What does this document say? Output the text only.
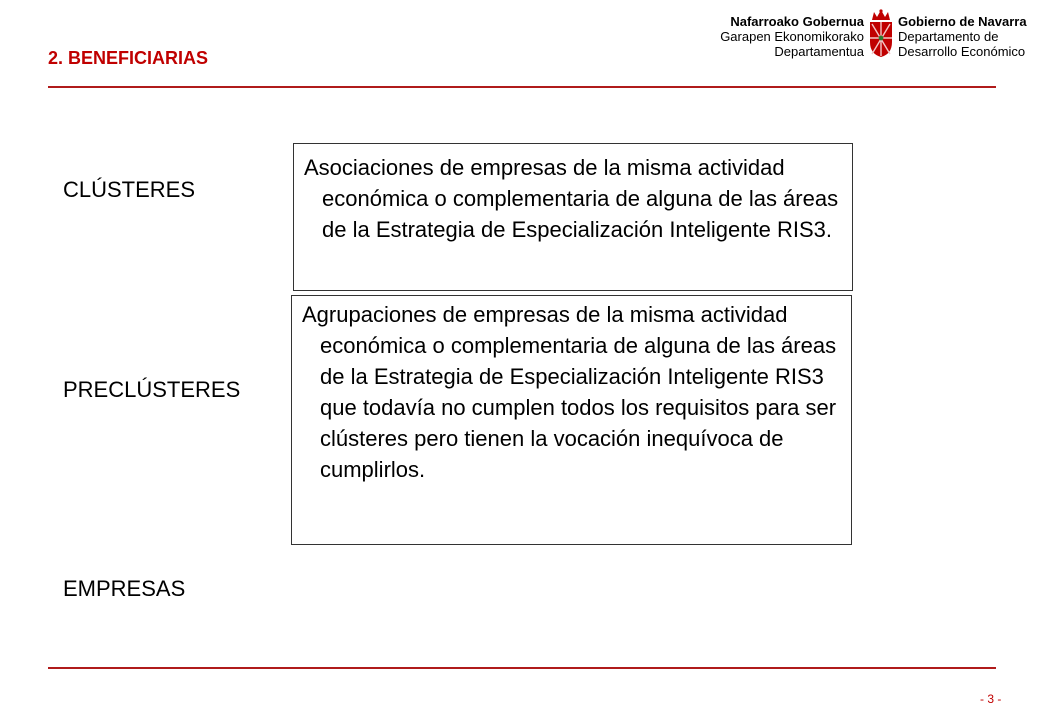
2. BENEFICIARIAS
Nafarroako Gobernua
Garapen Ekonomikorako
Departamentua
Gobierno de Navarra
Departamento de
Desarrollo Económico
CLÚSTERES

Asociaciones de empresas de la misma actividad económica o complementaria de alguna de las áreas de la Estrategia de Especialización Inteligente RIS3.

PRECLÚSTERES

Agrupaciones de empresas de la misma actividad económica o complementaria de alguna de las áreas de la Estrategia de Especialización Inteligente RIS3 que todavía no cumplen todos los requisitos para ser clústeres pero tienen la vocación inequívoca de cumplirlos.

EMPRESAS
- 3 -
